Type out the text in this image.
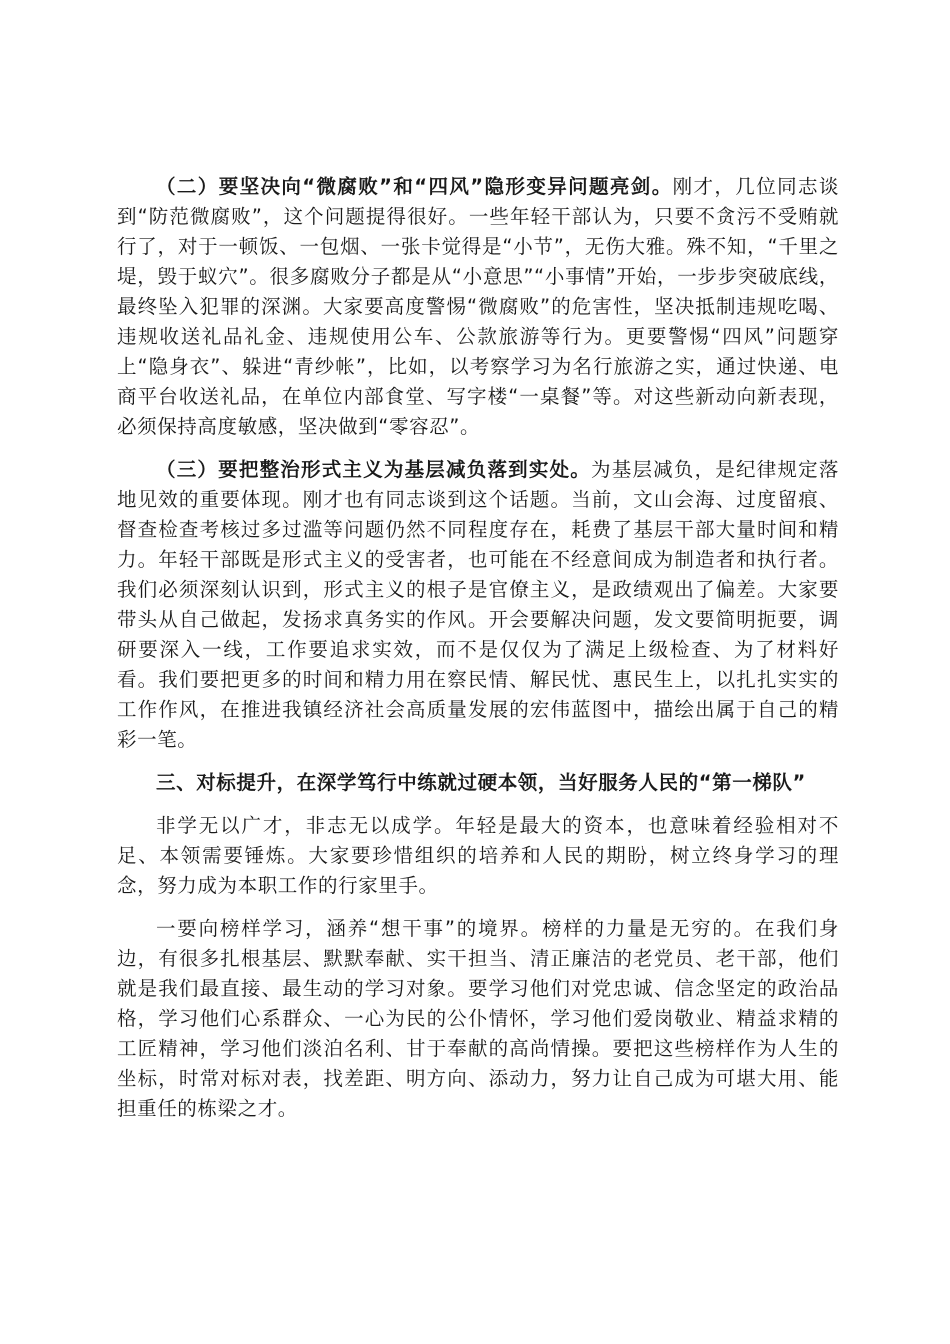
（二）要坚决向“微腐败”和“四风”隐形变异问题亮剑。刚才，几位同志谈到“防范微腐败”，这个问题提得很好。一些年轻干部认为，只要不贪污不受贿就行了，对于一顿饭、一包烟、一张卡觉得是“小节”，无伤大雅。殊不知，“千里之堤，毁于蚁穴”。很多腐败分子都是从“小意思”“小事情”开始，一步步突破底线，最终坠入犯罪的深渊。大家要高度警惕“微腐败”的危害性，坚决抵制违规吃喝、违规收送礼品礼金、违规使用公车、公款旅游等行为。更要警惕“四风”问题穿上“隐身衣”、躲进“青纱帐”，比如，以考察学习为名行旅游之实，通过快递、电商平台收送礼品，在单位内部食堂、写字楼“一桌餐”等。对这些新动向新表现，必须保持高度敏感，坚决做到“零容忍”。

（三）要把整治形式主义为基层减负落到实处。为基层减负，是纪律规定落地见效的重要体现。刚才也有同志谈到这个话题。当前，文山会海、过度留痕、督查检查考核过多过滥等问题仍然不同程度存在，耗费了基层干部大量时间和精力。年轻干部既是形式主义的受害者，也可能在不经意间成为制造者和执行者。我们必须深刻认识到，形式主义的根子是官僚主义，是政绩观出了偏差。大家要带头从自己做起，发扬求真务实的作风。开会要解决问题，发文要简明扼要，调研要深入一线，工作要追求实效，而不是仅仅为了满足上级检查、为了材料好看。我们要把更多的时间和精力用在察民情、解民忧、惠民生上，以扎扎实实的工作作风，在推进我镇经济社会高质量发展的宏伟蓝图中，描绘出属于自己的精彩一笔。

三、对标提升，在深学笃行中练就过硬本领，当好服务人民的“第一梯队”

非学无以广才，非志无以成学。年轻是最大的资本，也意味着经验相对不足、本领需要锤炼。大家要珍惜组织的培养和人民的期盼，树立终身学习的理念，努力成为本职工作的行家里手。

一要向榜样学习，涵养“想干事”的境界。榜样的力量是无穷的。在我们身边，有很多扎根基层、默默奉献、实干担当、清正廉洁的老党员、老干部，他们就是我们最直接、最生动的学习对象。要学习他们对党忠诚、信念坚定的政治品格，学习他们心系群众、一心为民的公仆情怀，学习他们爱岗敬业、精益求精的工匠精神，学习他们淡泊名利、甘于奉献的高尚情操。要把这些榜样作为人生的坐标，时常对标对表，找差距、明方向、添动力，努力让自己成为可堪大用、能担重任的栋梁之才。
